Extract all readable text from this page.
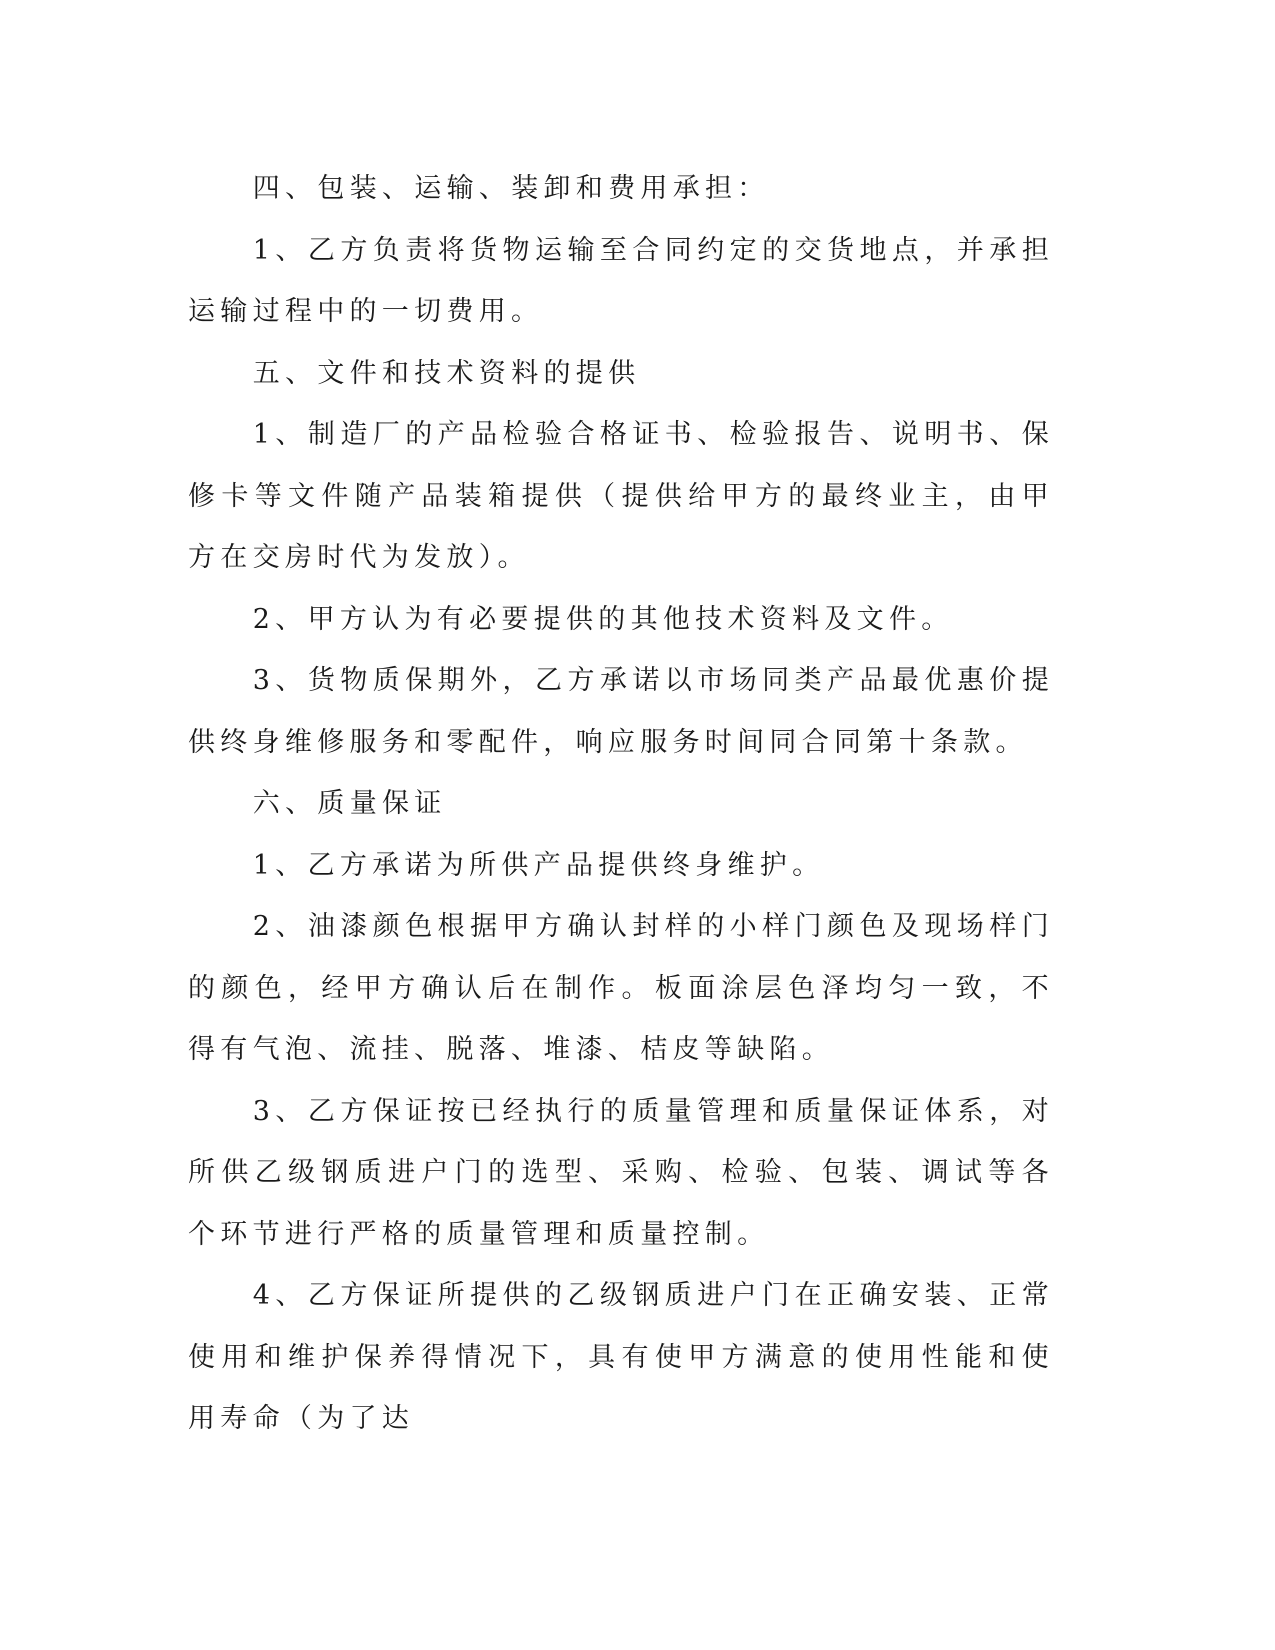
四、包装、运输、装卸和费用承担：

1、乙方负责将货物运输至合同约定的交货地点，并承担运输过程中的一切费用。

五、文件和技术资料的提供

1、制造厂的产品检验合格证书、检验报告、说明书、保修卡等文件随产品装箱提供（提供给甲方的最终业主，由甲方在交房时代为发放）。

2、甲方认为有必要提供的其他技术资料及文件。

3、货物质保期外，乙方承诺以市场同类产品最优惠价提供终身维修服务和零配件，响应服务时间同合同第十条款。

六、质量保证

1、乙方承诺为所供产品提供终身维护。

2、油漆颜色根据甲方确认封样的小样门颜色及现场样门的颜色，经甲方确认后在制作。板面涂层色泽均匀一致，不得有气泡、流挂、脱落、堆漆、桔皮等缺陷。

3、乙方保证按已经执行的质量管理和质量保证体系，对所供乙级钢质进户门的选型、采购、检验、包装、调试等各个环节进行严格的质量管理和质量控制。

4、乙方保证所提供的乙级钢质进户门在正确安装、正常使用和维护保养得情况下，具有使甲方满意的使用性能和使用寿命（为了达
